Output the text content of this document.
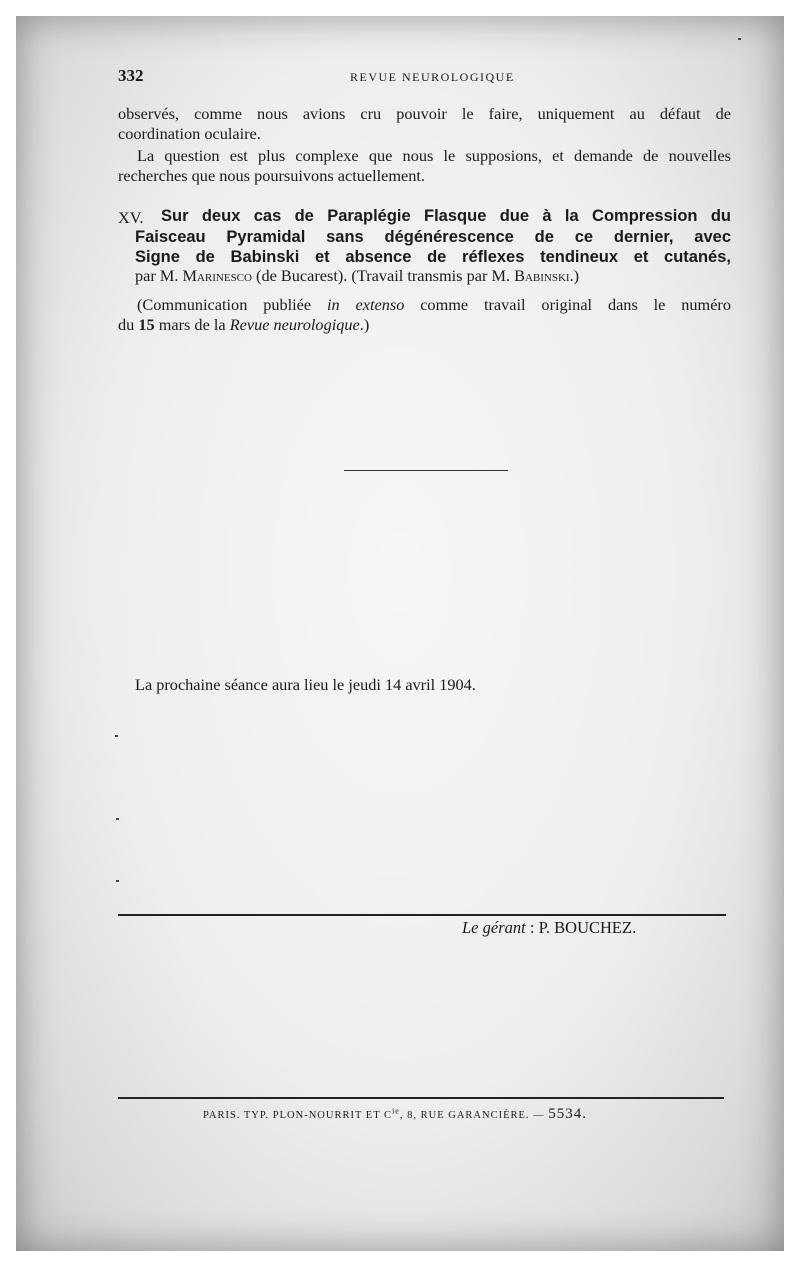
332	REVUE NEUROLOGIQUE
observés, comme nous avions cru pouvoir le faire, uniquement au défaut de
coordination oculaire.
La question est plus complexe que nous le supposions, et demande de nouvelles
recherches que nous poursuivons actuellement.
XV. Sur deux cas de Paraplégie Flasque due à la Compression du
Faisceau Pyramidal sans dégénérescence de ce dernier, avec
Signe de Babinski et absence de réflexes tendineux et cutanés,
par M. Marinesco (de Bucarest). (Travail transmis par M. Babinski.)
(Communication publiée in extenso comme travail original dans le numéro
du 15 mars de la Revue neurologique.)
La prochaine séance aura lieu le jeudi 14 avril 1904.
Le gérant : P. BOUCHEZ.
PARIS. TYP. PLON-NOURRIT ET $C^{ie}$, 8, RUE GARANCIÈRE. — 5534.
